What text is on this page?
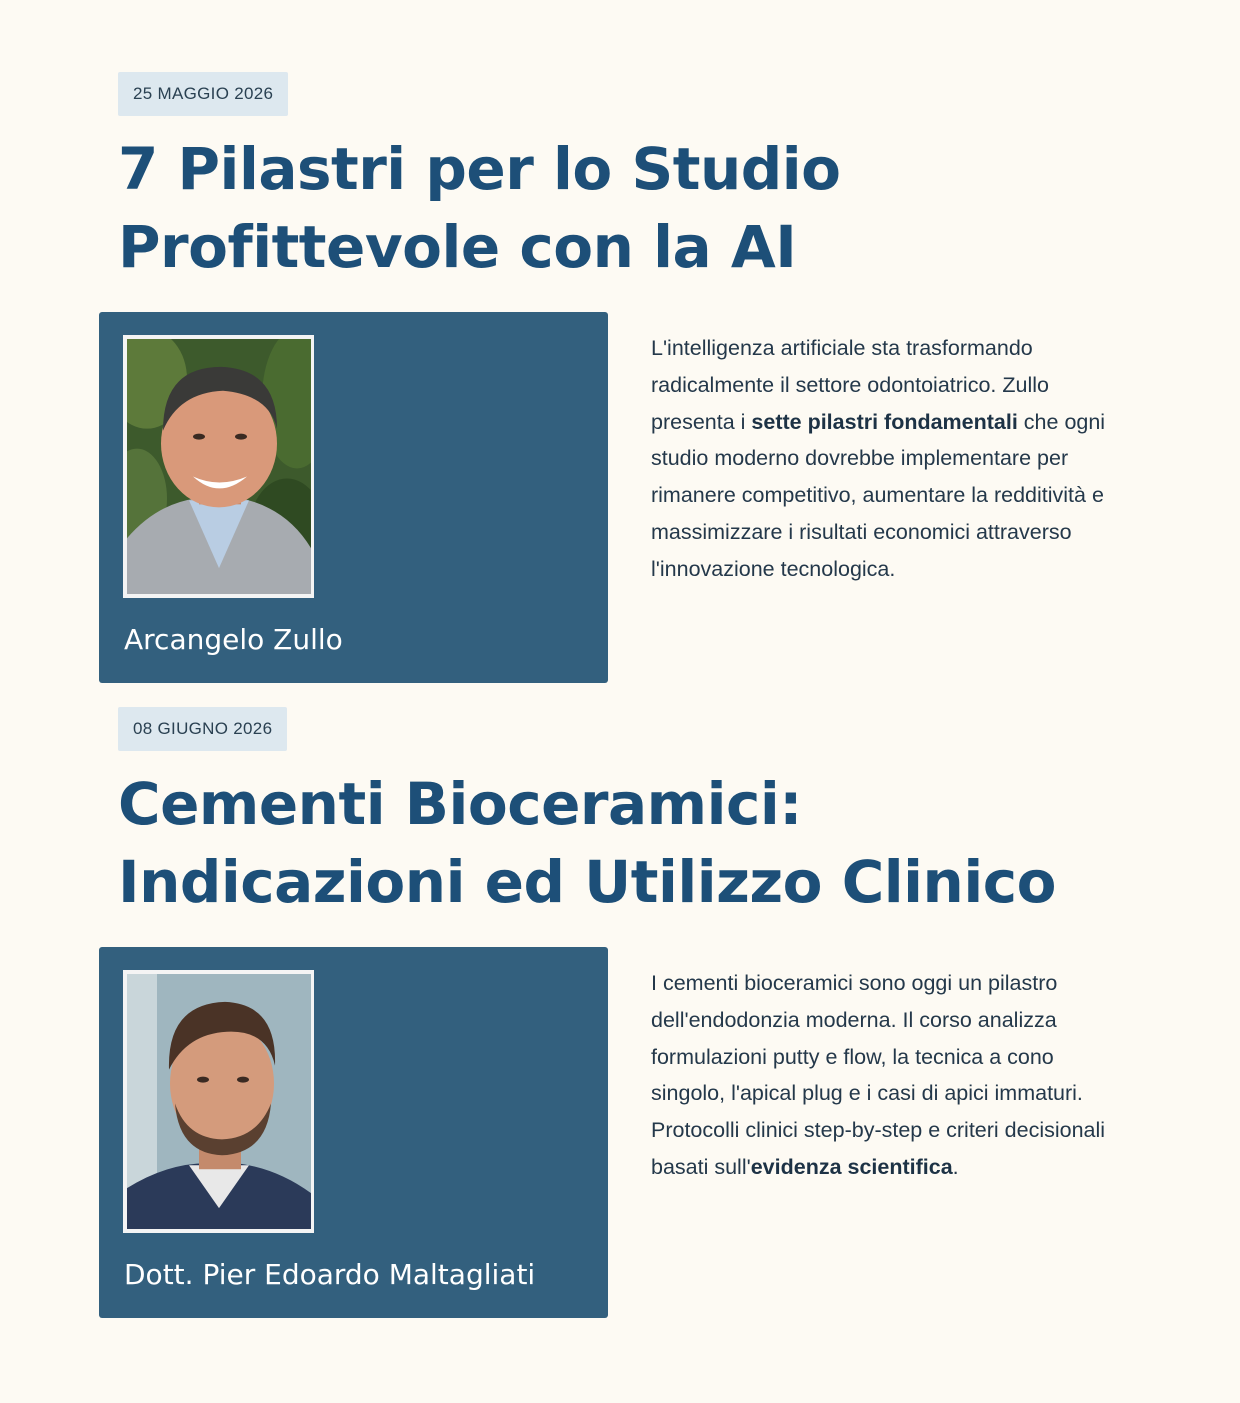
25 MAGGIO 2026
7 Pilastri per lo Studio Profittevole con la AI
Arcangelo Zullo

L'intelligenza artificiale sta trasformando radicalmente il settore odontoiatrico. Zullo presenta i sette pilastri fondamentali che ogni studio moderno dovrebbe implementare per rimanere competitivo, aumentare la redditività e massimizzare i risultati economici attraverso l'innovazione tecnologica.

08 GIUGNO 2026
Cementi Bioceramici: Indicazioni ed Utilizzo Clinico
Dott. Pier Edoardo Maltagliati

I cementi bioceramici sono oggi un pilastro dell'endodonzia moderna. Il corso analizza formulazioni putty e flow, la tecnica a cono singolo, l'apical plug e i casi di apici immaturi. Protocolli clinici step-by-step e criteri decisionali basati sull'evidenza scientifica.
